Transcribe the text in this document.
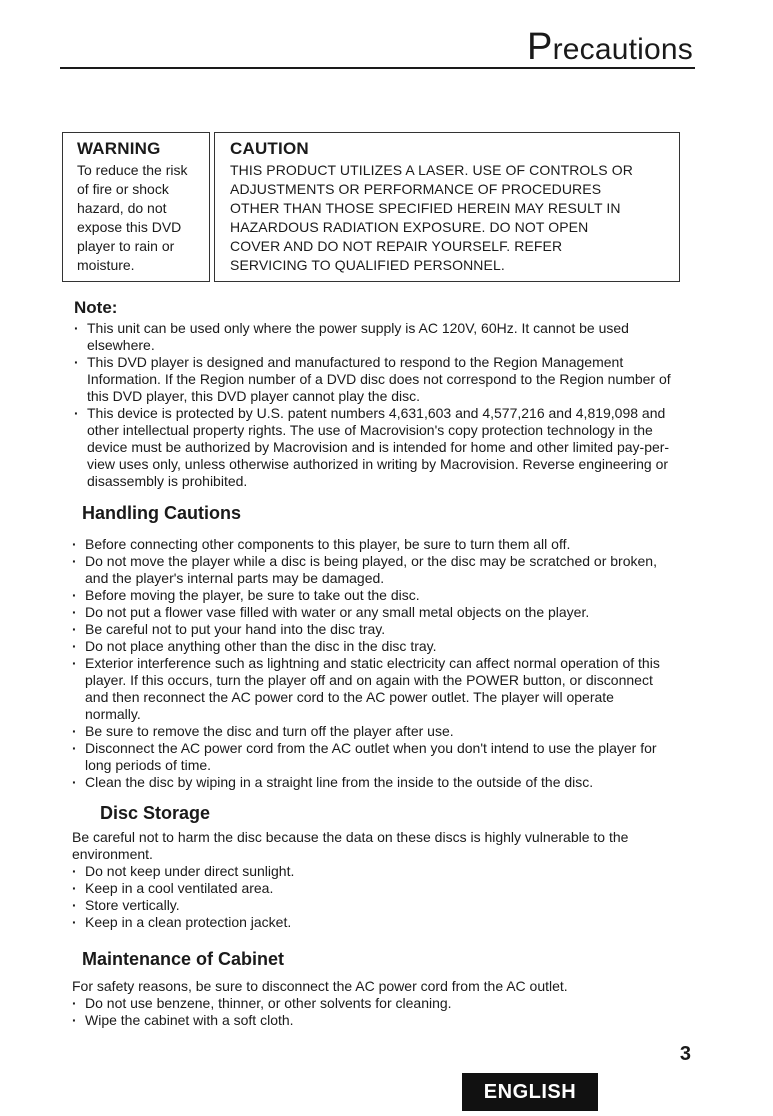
Precautions
WARNING

To reduce the risk

of fire or shock

hazard, do not

expose this DVD

player to rain or

moisture.

CAUTION

THIS PRODUCT UTILIZES A LASER. USE OF CONTROLS OR

ADJUSTMENTS OR PERFORMANCE OF PROCEDURES

OTHER THAN THOSE SPECIFIED HEREIN MAY RESULT IN

HAZARDOUS RADIATION EXPOSURE. DO NOT OPEN

COVER AND DO NOT REPAIR YOURSELF. REFER

SERVICING TO QUALIFIED PERSONNEL.

Note:
· This unit can be used only where the power supply is AC 120V, 60Hz. It cannot be used elsewhere.
· This DVD player is designed and manufactured to respond to the Region Management Information. If the Region number of a DVD disc does not correspond to the Region number of this DVD player, this DVD player cannot play the disc.
· This device is protected by U.S. patent numbers 4,631,603 and 4,577,216 and 4,819,098 and other intellectual property rights. The use of Macrovision's copy protection technology in the device must be authorized by Macrovision and is intended for home and other limited pay-per-view uses only, unless otherwise authorized in writing by Macrovision. Reverse engineering or disassembly is prohibited.
Handling Cautions
· Before connecting other components to this player, be sure to turn them all off.
· Do not move the player while a disc is being played, or the disc may be scratched or broken, and the player's internal parts may be damaged.
· Before moving the player, be sure to take out the disc.
· Do not put a flower vase filled with water or any small metal objects on the player.
· Be careful not to put your hand into the disc tray.
· Do not place anything other than the disc in the disc tray.
· Exterior interference such as lightning and static electricity can affect normal operation of this player. If this occurs, turn the player off and on again with the POWER button, or disconnect and then reconnect the AC power cord to the AC power outlet. The player will operate normally.
· Be sure to remove the disc and turn off the player after use.
· Disconnect the AC power cord from the AC outlet when you don't intend to use the player for long periods of time.
· Clean the disc by wiping in a straight line from the inside to the outside of the disc.
Disc Storage

Be careful not to harm the disc because the data on these discs is highly vulnerable to the environment.

· Do not keep under direct sunlight.
· Keep in a cool ventilated area.
· Store vertically.
· Keep in a clean protection jacket.
Maintenance of Cabinet

For safety reasons, be sure to disconnect the AC power cord from the AC outlet.

· Do not use benzene, thinner, or other solvents for cleaning.
· Wipe the cabinet with a soft cloth.
3
ENGLISH
